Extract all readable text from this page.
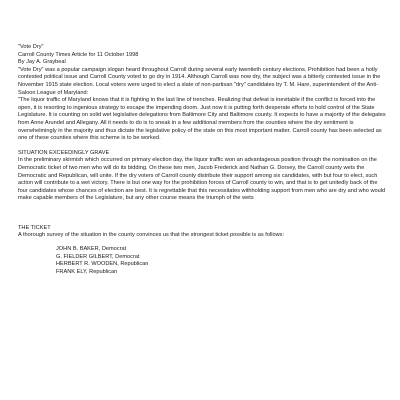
"Vote Dry"
Carroll County Times Article for 11 October 1998
By Jay A. Graybeal

"Vote Dry" was a popular campaign slogan heard throughout Carroll during several early twentieth century elections. Prohibition had been a hotly contested political issue and Carroll County voted to go dry in 1914. Although Carroll was now dry, the subject was a bitterly contested issue in the November 1915 state election. Local voters were urged to elect a slate of non-partisan "dry" candidates by T. M. Hare, superintendent of the Anti-Saloon League of Maryland:

"The liquor traffic of Maryland knows that it is fighting in the last line of trenches. Realizing that defeat is inevitable if the conflict is forced into the open, it is resorting to ingenious strategy to escape the impending doom. Just now it is putting forth desperate efforts to hold control of the State Legislature. It is counting on solid wet legislative delegations from Baltimore City and Baltimore county. It expects to have a majority of the delegates from Anne Arundel and Allegany. All it needs to do is to sneak in a few additional members from the counties where the dry sentiment is overwhelmingly in the majority and thus dictate the legislative policy of the state on this most important matter. Carroll county has been selected as one of these counties where this scheme is to be worked.

SITUATION EXCEEDINGLY GRAVE

In the preliminary skirmish which occurred on primary election day, the liquor traffic won an advantageous position through the nomination on the Democratic ticket of two men who will do its bidding. On these two men, Jacob Frederick and Nathan G. Dorsey, the Carroll county wets the Democratic and Republican, will unite. If the dry voters of Carroll county distribute their support among six candidates, with but four to elect, such action will contribute to a wet victory. There is but one way for the prohibition forces of Carroll county to win, and that is to get unitedly back of the four candidates whose chances of election are best. It is regrettable that this necessitates withholding support from men who are dry and who would make capable members of the Legislature, but any other course means the triumph of the wets

THE TICKET

A thorough survey of the situation in the county convinces us that the strongest ticket possible is as follows:

JOHN B. BAKER, Democrat
G. FIELDER GILBERT, Democrat
HERBERT R. WOODEN, Republican
FRANK ELY, Republican
